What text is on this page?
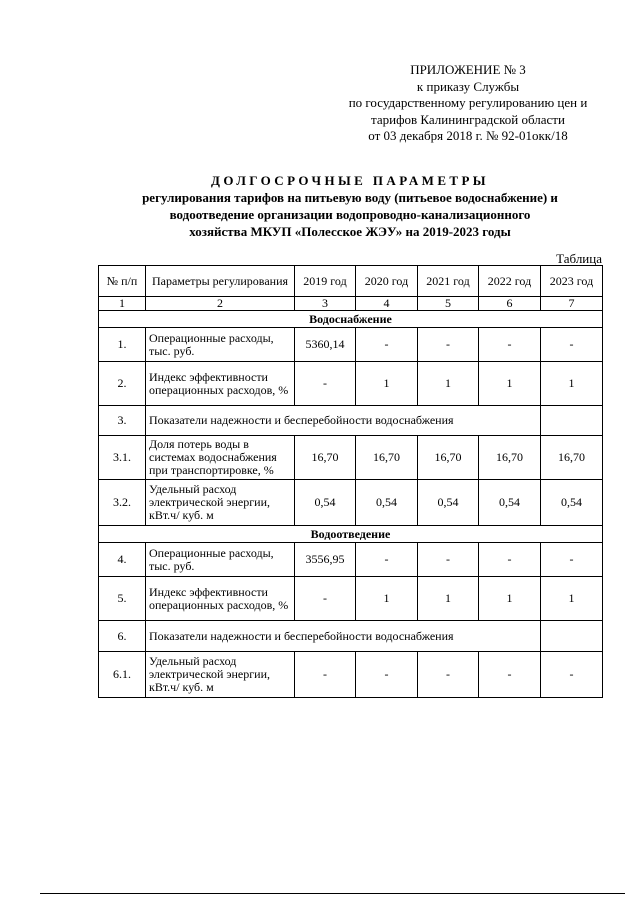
ПРИЛОЖЕНИЕ № 3
к приказу Службы
по государственному регулированию цен и
тарифов Калининградской области
от 03 декабря 2018 г. № 92-01окк/18
ДОЛГОСРОЧНЫЕ ПАРАМЕТРЫ
регулирования тарифов на питьевую воду (питьевое водоснабжение) и
водоотведение организации водопроводно-канализационного
хозяйства МКУП «Полесское ЖЭУ» на 2019-2023 годы
Таблица
№ п/п	Параметры регулирования	2019 год	2020 год	2021 год	2022 год	2023 год
1	2	3	4	5	6	7
Водоснабжение						
1.	Операционные расходы, тыс. руб.	5360,14	-	-	-	-
2.	Индекс эффективности операционных расходов, %	-	1	1	1	1
3.	Показатели надежности и бесперебойности водоснабжения					
3.1.	Доля потерь воды в системах водоснабжения при транспортировке, %	16,70	16,70	16,70	16,70	16,70
3.2.	Удельный расход электрической энергии, кВт.ч/ куб. м	0,54	0,54	0,54	0,54	0,54
Водоотведение						
4.	Операционные расходы, тыс. руб.	3556,95	-	-	-	-
5.	Индекс эффективности операционных расходов, %	-	1	1	1	1
6.	Показатели надежности и бесперебойности водоснабжения					
6.1.	Удельный расход электрической энергии, кВт.ч/ куб. м	-	-	-	-	-
